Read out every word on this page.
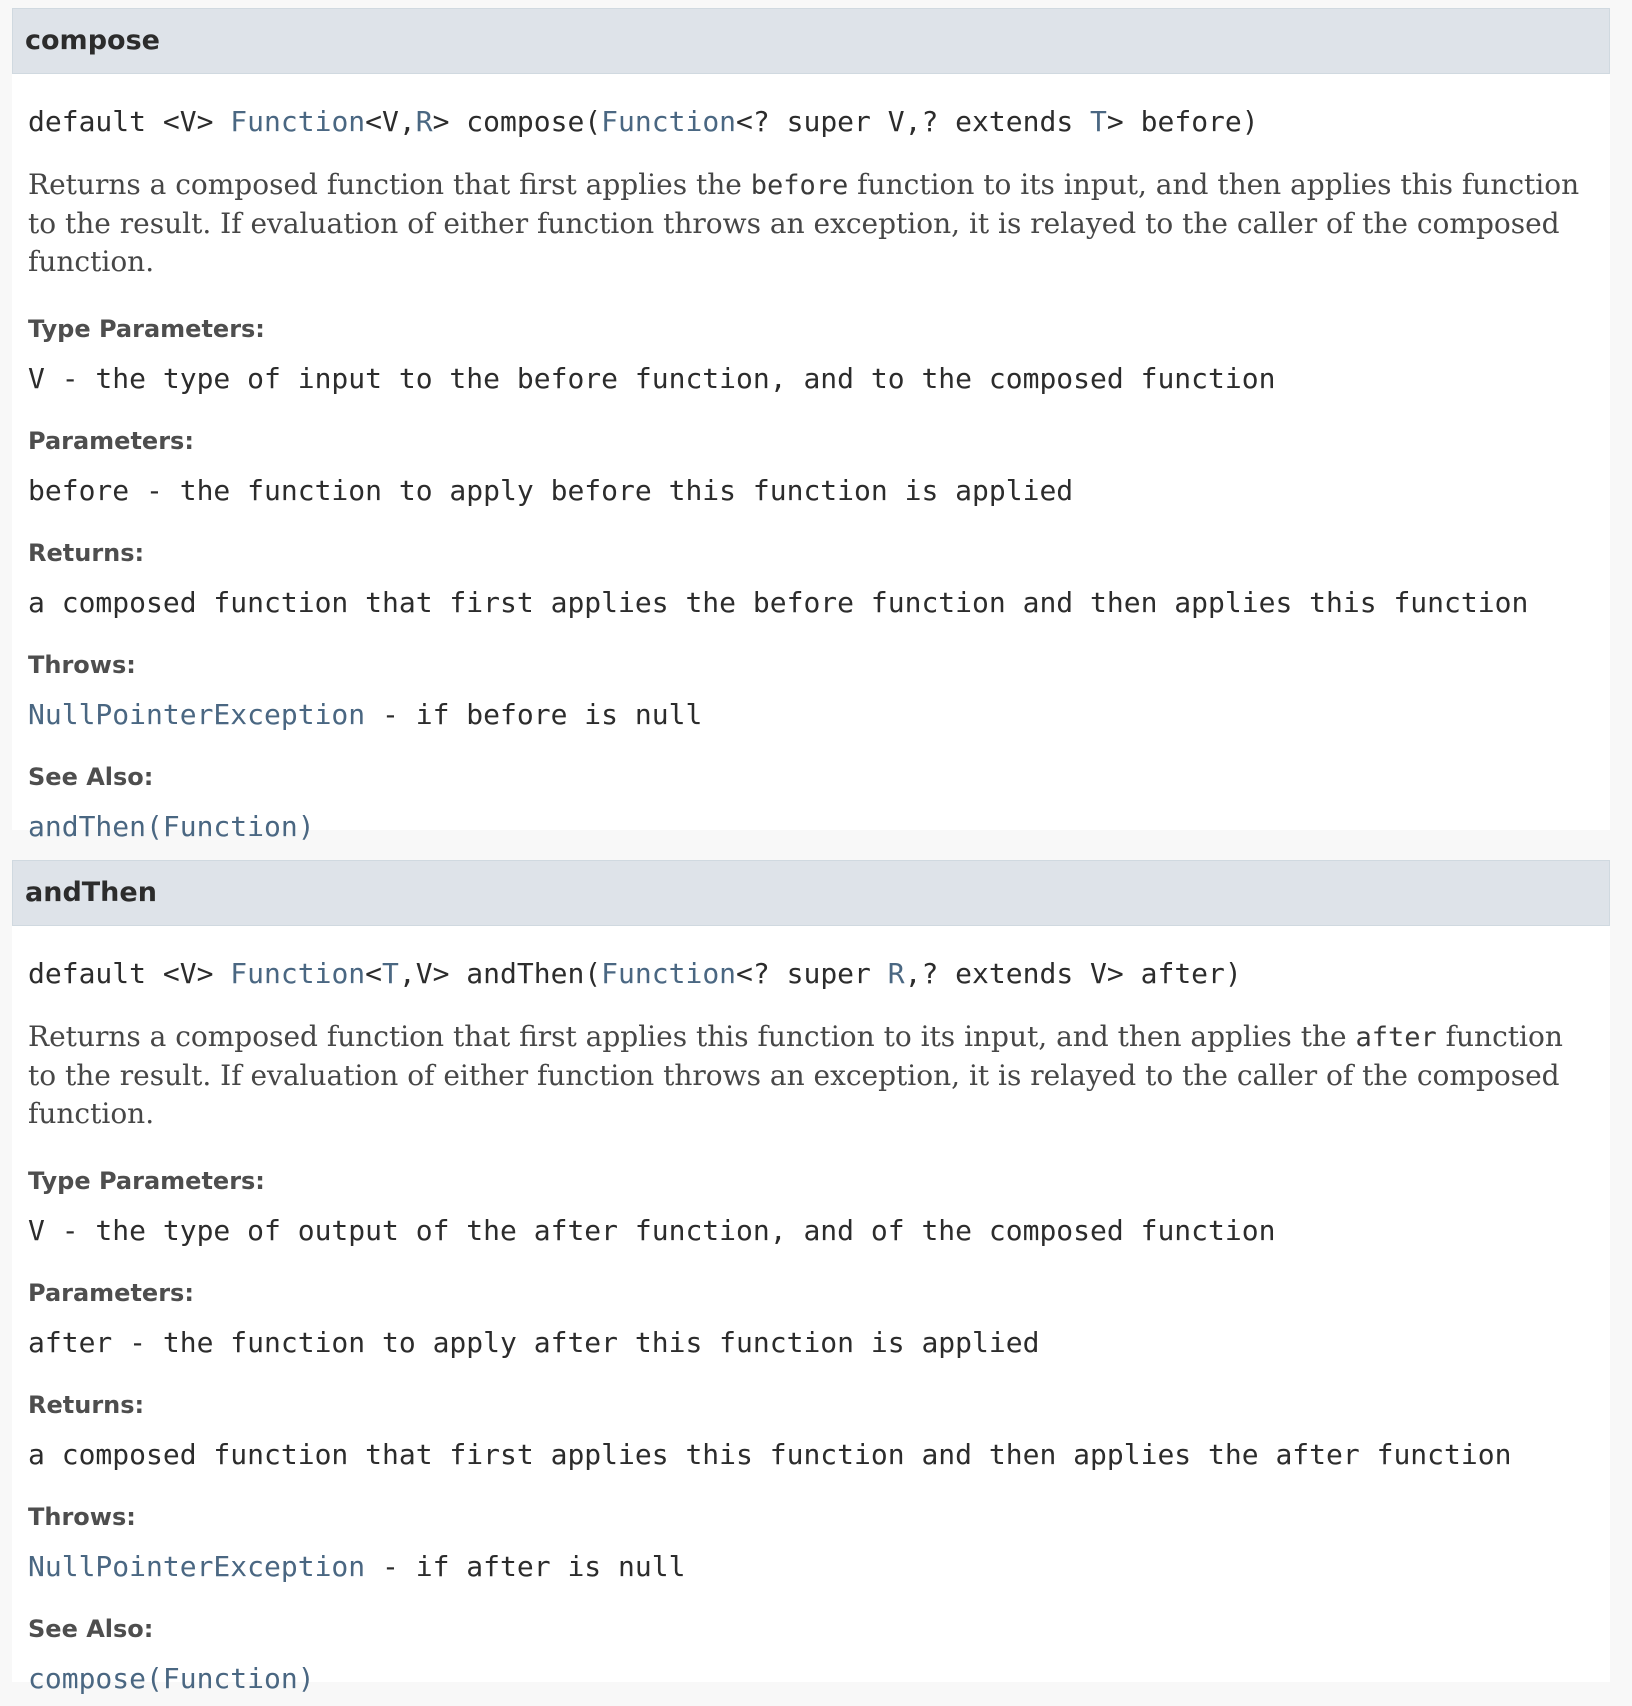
compose
default <V> Function<V,R> compose(Function<? super V,? extends T> before)
Returns a composed function that first applies the before function to its input, and then applies this function to the result. If evaluation of either function throws an exception, it is relayed to the caller of the composed function.
Type Parameters:
V - the type of input to the before function, and to the composed function
Parameters:
before - the function to apply before this function is applied
Returns:
a composed function that first applies the before function and then applies this function
Throws:
NullPointerException - if before is null
See Also:
andThen(Function)
andThen
default <V> Function<T,V> andThen(Function<? super R,? extends V> after)
Returns a composed function that first applies this function to its input, and then applies the after function to the result. If evaluation of either function throws an exception, it is relayed to the caller of the composed function.
Type Parameters:
V - the type of output of the after function, and of the composed function
Parameters:
after - the function to apply after this function is applied
Returns:
a composed function that first applies this function and then applies the after function
Throws:
NullPointerException - if after is null
See Also:
compose(Function)
